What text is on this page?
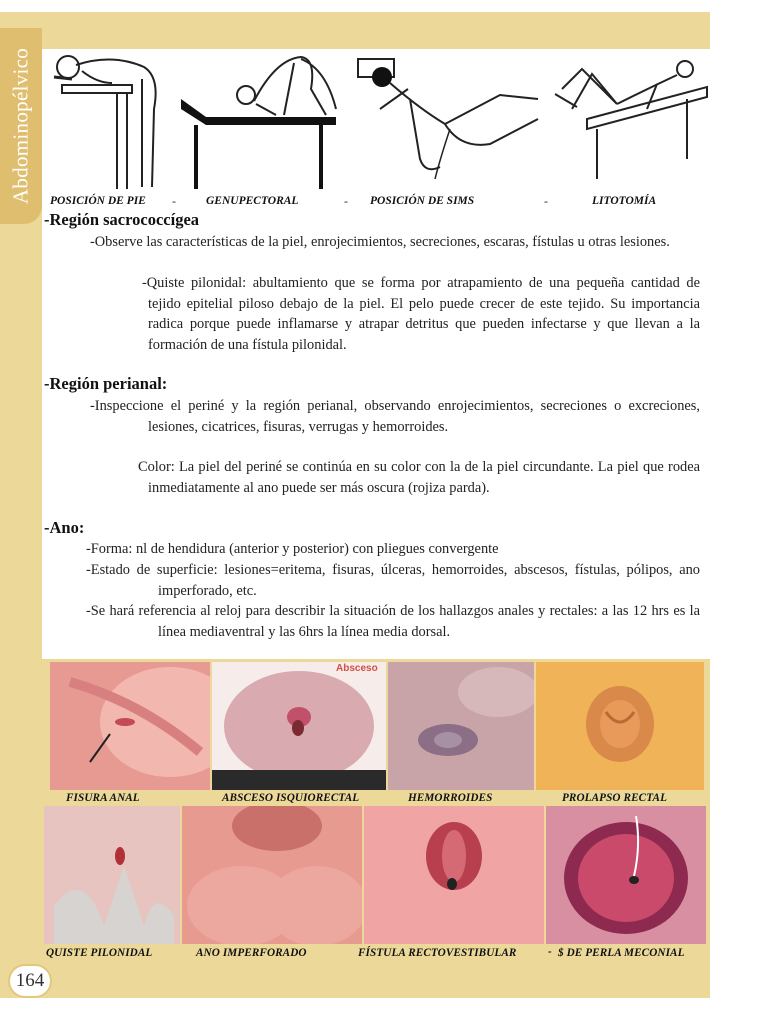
Abdominopélvico POSICIÓN DE PIE -	GENUPECTORAL	- POSICIÓN DE SIMS	-	LITOTOMÍA
-Región sacrococcígea

-Observe las características de la piel, enrojecimientos, secreciones, escaras, fístulas u otras lesiones.

-Quiste pilonidal: abultamiento que se forma por atrapamiento de una pequeña cantidad de tejido epitelial piloso debajo de la piel. El pelo puede crecer de este tejido. Su importancia radica porque puede inflamarse y atrapar detritus que pueden infectarse y que llevan a la formación de una fístula pilonidal.

-Región perianal:

-Inspeccione el periné y la región perianal, observando enrojecimientos, secreciones o excreciones, lesiones, cicatrices, fisuras, verrugas y hemorroides.

Color: La piel del periné se continúa en su color con la de la piel circundante. La piel que rodea inmediatamente al ano puede ser más oscura (rojiza parda).

-Ano:

-Forma: nl de hendidura (anterior y posterior) con pliegues convergente

-Estado de superficie: lesiones=eritema, fisuras, úlceras, hemorroides, abscesos, fístulas, pólipos, ano imperforado, etc.

-Se hará referencia al reloj para describir la situación de los hallazgos anales y rectales: a las 12 hrs es la línea mediaventral y las 6hrs la línea media dorsal.

Absceso
FISURA ANAL	ABSCESO ISQUIORECTAL	HEMORROIDES	PROLAPSO RECTAL
QUISTE PILONIDAL	ANO IMPERFORADO	FÍSTULA RECTOVESTIBULAR	- $ DE PERLA MECONIAL
164
